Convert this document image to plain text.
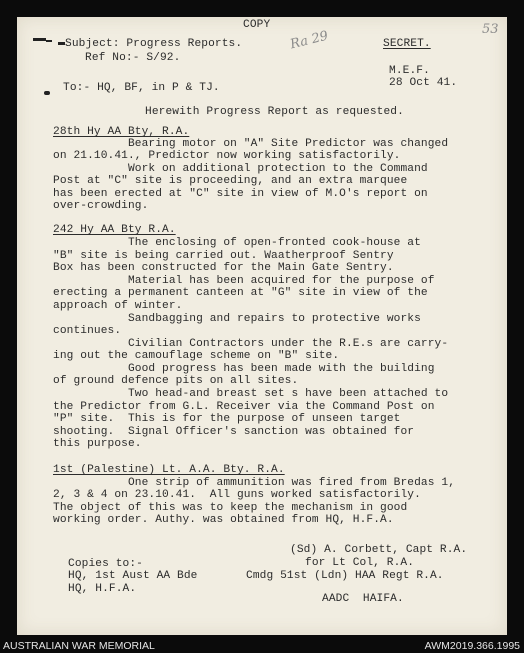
COPY
Subject: Progress Reports.
Ref No:- S/92.
Ra 29	53
SECRET.
To:- HQ, BF, in P & TJ.
M.E.F.
28 Oct 41.
Herewith Progress Report as requested.
28th Hy AA Bty, R.A.
Bearing motor on "A" Site Predictor was changed
on 21.10.41., Predictor now working satisfactorily.
Work on additional protection to the Command
Post at "C" site is proceeding, and an extra marquee
has been erected at "C" site in view of M.O's report on
over-crowding.
242 Hy AA Bty R.A.
The enclosing of open-fronted cook-house at
"B" site is being carried out. Waatherproof Sentry
Box has been constructed for the Main Gate Sentry.
Material has been acquired for the purpose of
erecting a permanent canteen at "G" site in view of the
approach of winter.
Sandbagging and repairs to protective works
continues.
Civilian Contractors under the R.E.s are carry-
ing out the camouflage scheme on "B" site.
Good progress has been made with the building
of ground defence pits on all sites.
Two head-and breast set s have been attached to
the Predictor from G.L. Receiver via the Command Post on
"P" site.  This is for the purpose of unseen target
shooting.  Signal Officer's sanction was obtained for
this purpose.
1st (Palestine) Lt. A.A. Bty. R.A.
One strip of ammunition was fired from Bredas 1,
2, 3 & 4 on 23.10.41.  All guns worked satisfactorily.
The object of this was to keep the mechanism in good
working order. Authy. was obtained from HQ, H.F.A.
(Sd) A. Corbett, Capt R.A.
for Lt Col, R.A.
Cmdg 51st (Ldn) HAA Regt R.A.
AADC  HAIFA.
Copies to:-
HQ, 1st Aust AA Bde
HQ, H.F.A.
AUSTRALIAN WAR MEMORIAL	AWM2019.366.1995
